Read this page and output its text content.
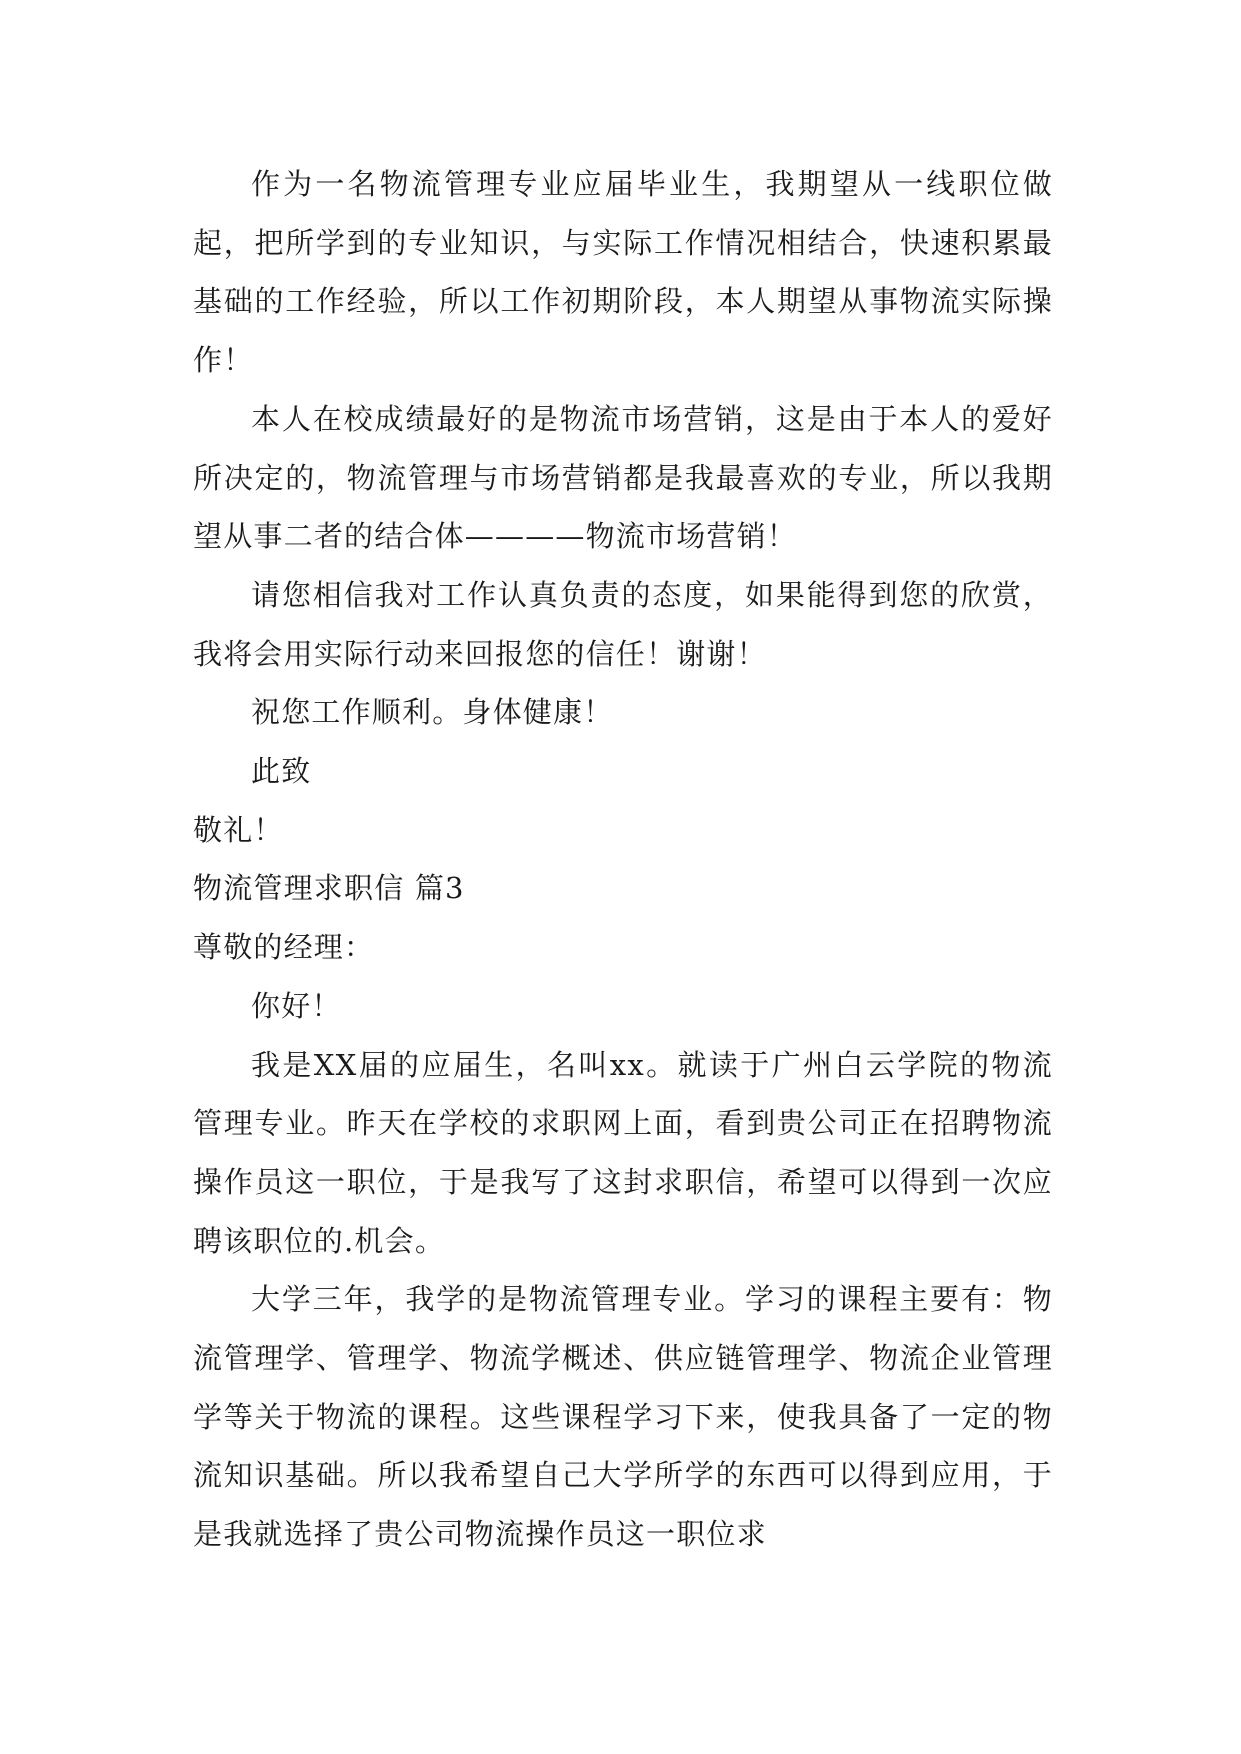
作为一名物流管理专业应届毕业生，我期望从一线职位做起，把所学到的专业知识，与实际工作情况相结合，快速积累最基础的工作经验，所以工作初期阶段，本人期望从事物流实际操作！

本人在校成绩最好的是物流市场营销，这是由于本人的爱好所决定的，物流管理与市场营销都是我最喜欢的专业，所以我期望从事二者的结合体————物流市场营销！

请您相信我对工作认真负责的态度，如果能得到您的欣赏，我将会用实际行动来回报您的信任！谢谢！

祝您工作顺利。身体健康！

此致

敬礼！

物流管理求职信 篇3

尊敬的经理：

你好！

我是XX届的应届生，名叫xx。就读于广州白云学院的物流管理专业。昨天在学校的求职网上面，看到贵公司正在招聘物流操作员这一职位，于是我写了这封求职信，希望可以得到一次应聘该职位的.机会。

大学三年，我学的是物流管理专业。学习的课程主要有：物流管理学、管理学、物流学概述、供应链管理学、物流企业管理学等关于物流的课程。这些课程学习下来，使我具备了一定的物流知识基础。所以我希望自己大学所学的东西可以得到应用，于是我就选择了贵公司物流操作员这一职位求
